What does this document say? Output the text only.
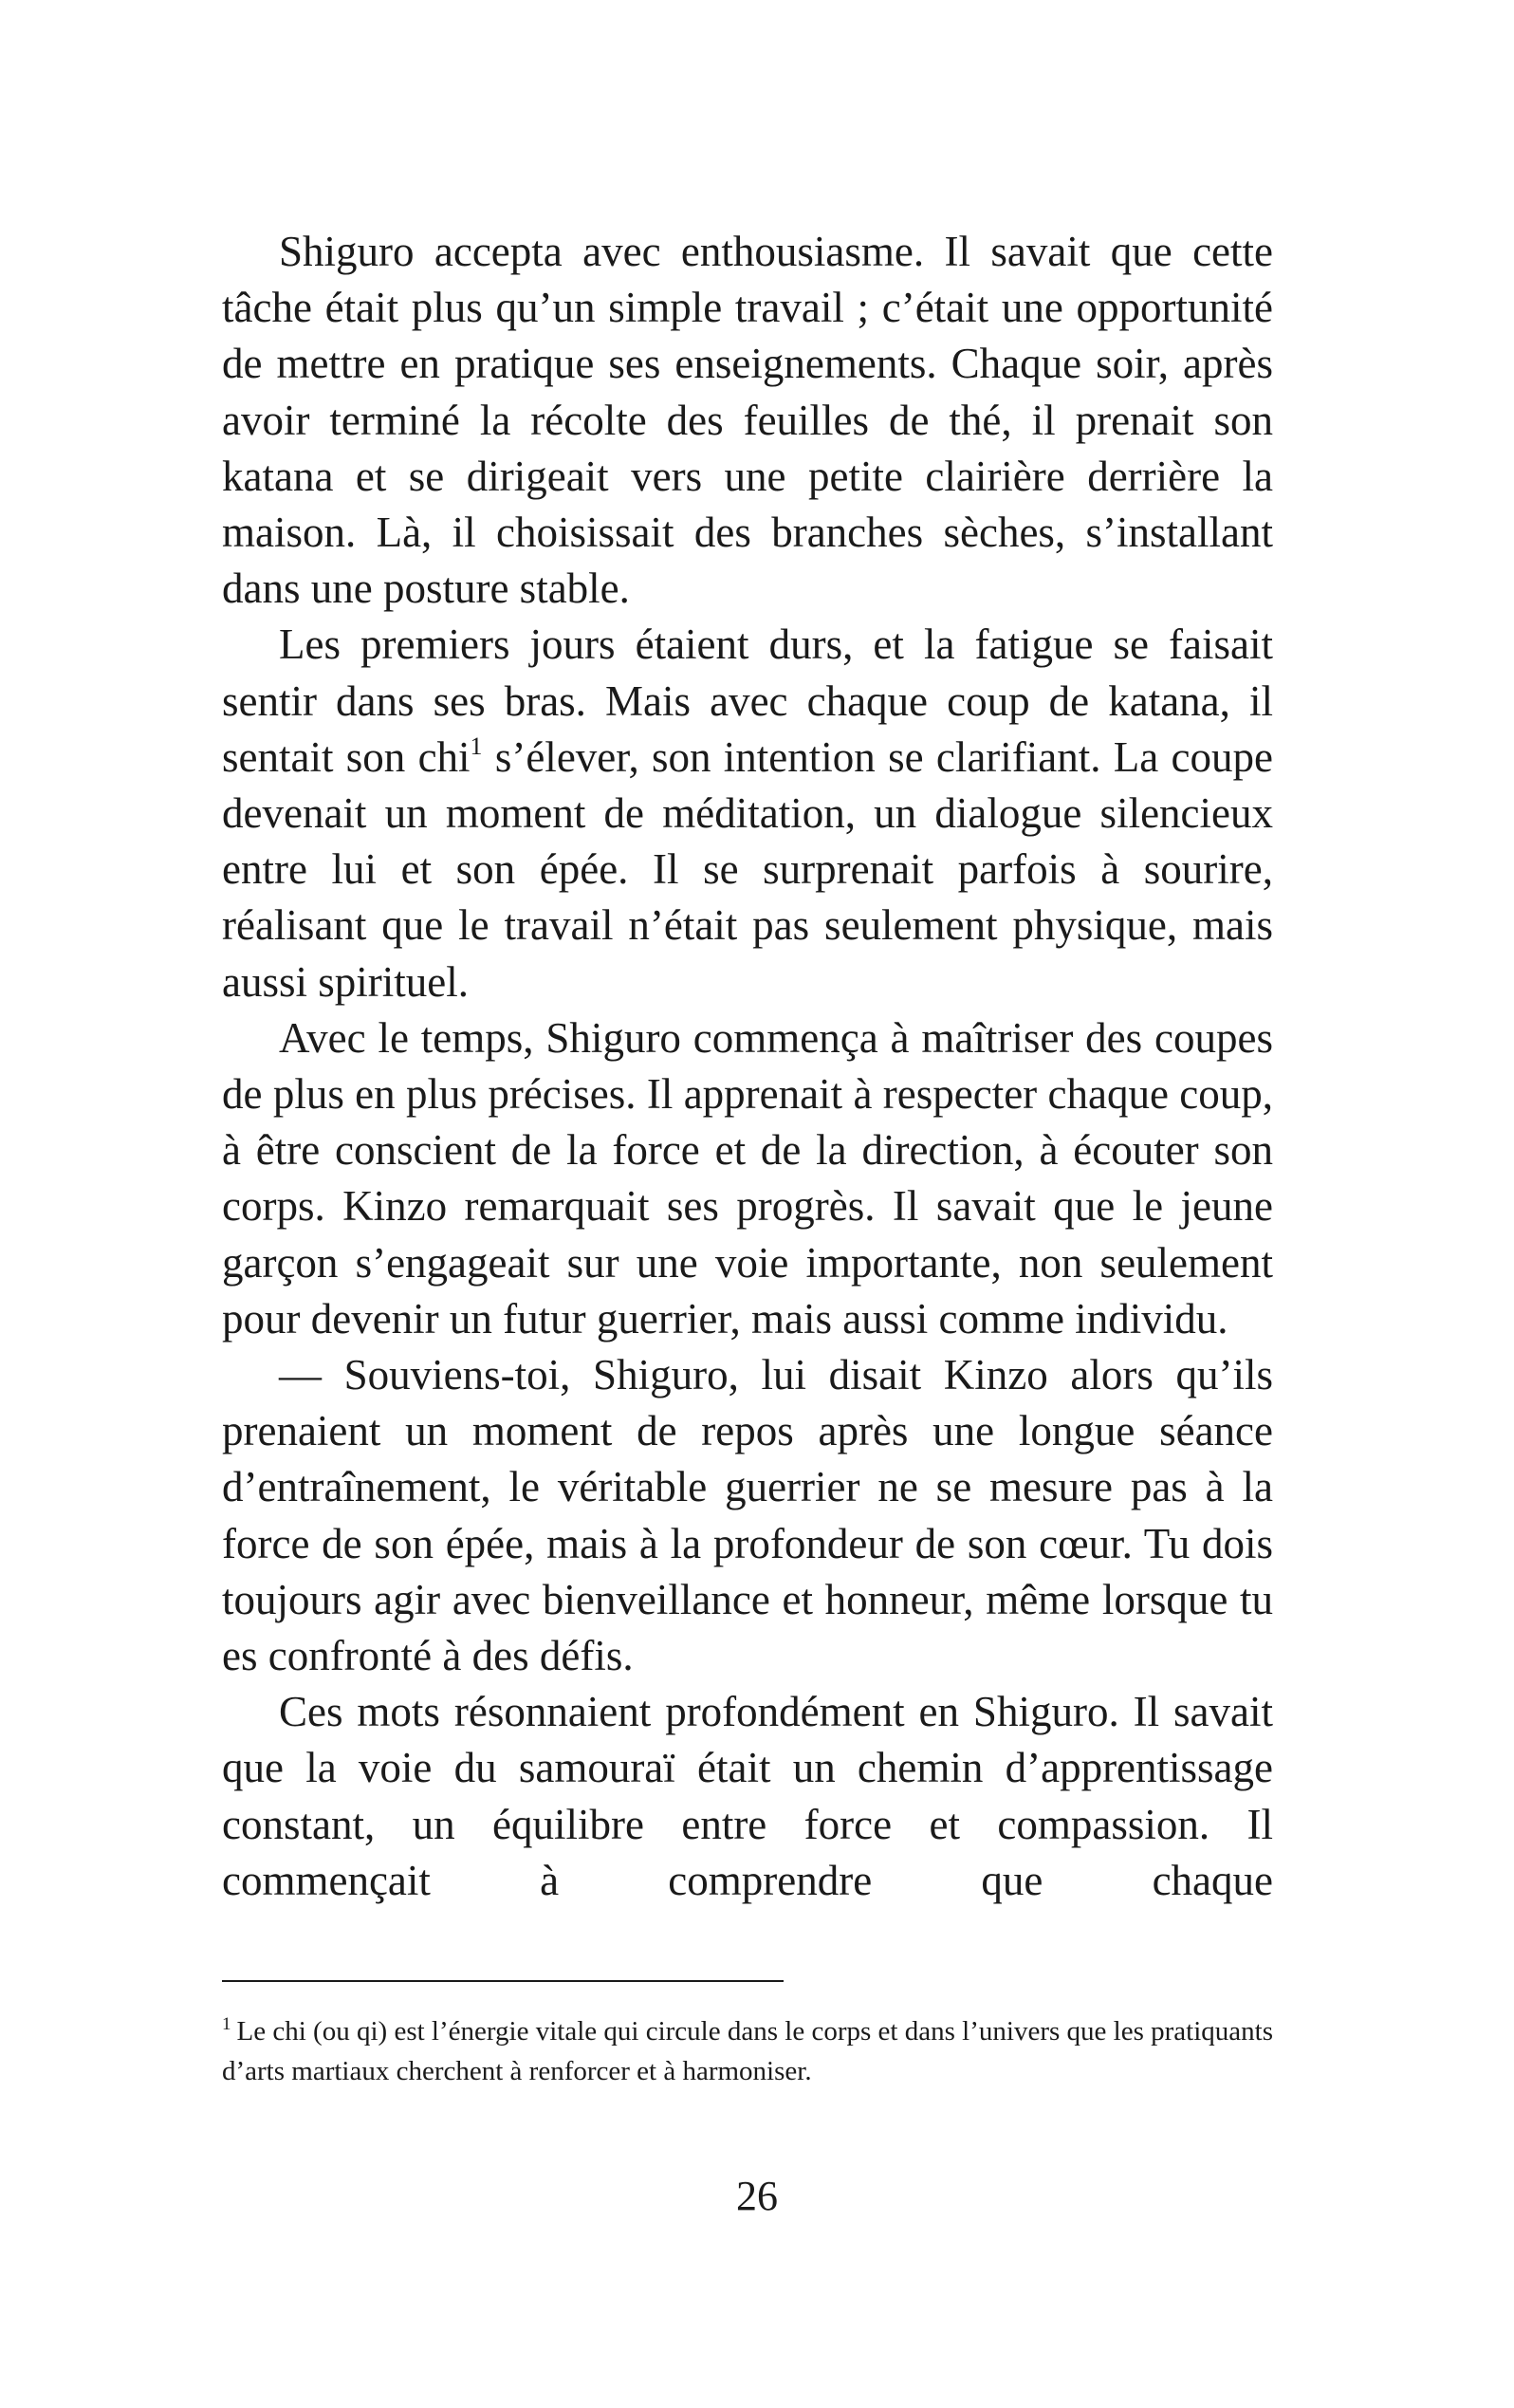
Shiguro accepta avec enthousiasme. Il savait que cette tâche était plus qu’un simple travail ; c’était une opportunité de mettre en pratique ses enseignements. Chaque soir, après avoir terminé la récolte des feuilles de thé, il prenait son katana et se dirigeait vers une petite clairière derrière la maison. Là, il choisissait des branches sèches, s’installant dans une posture stable.

Les premiers jours étaient durs, et la fatigue se faisait sentir dans ses bras. Mais avec chaque coup de katana, il sentait son chi$^1$ s’élever, son intention se clarifiant. La coupe devenait un moment de méditation, un dialogue silencieux entre lui et son épée. Il se surprenait parfois à sourire, réalisant que le travail n’était pas seulement physique, mais aussi spirituel.

Avec le temps, Shiguro commença à maîtriser des coupes de plus en plus précises. Il apprenait à respecter chaque coup, à être conscient de la force et de la direction, à écouter son corps. Kinzo remarquait ses progrès. Il savait que le jeune garçon s’engageait sur une voie importante, non seulement pour devenir un futur guerrier, mais aussi comme individu.

— Souviens-toi, Shiguro, lui disait Kinzo alors qu’ils prenaient un moment de repos après une longue séance d’entraînement, le véritable guerrier ne se mesure pas à la force de son épée, mais à la profondeur de son cœur. Tu dois toujours agir avec bienveillance et honneur, même lorsque tu es confronté à des défis.

Ces mots résonnaient profondément en Shiguro. Il savait que la voie du samouraï était un chemin d’apprentissage constant, un équilibre entre force et compassion. Il commençait à comprendre que chaque

$^1$ Le chi (ou qi) est l’énergie vitale qui circule dans le corps et dans l’univers que les pratiquants d’arts martiaux cherchent à renforcer et à harmoniser.

26
